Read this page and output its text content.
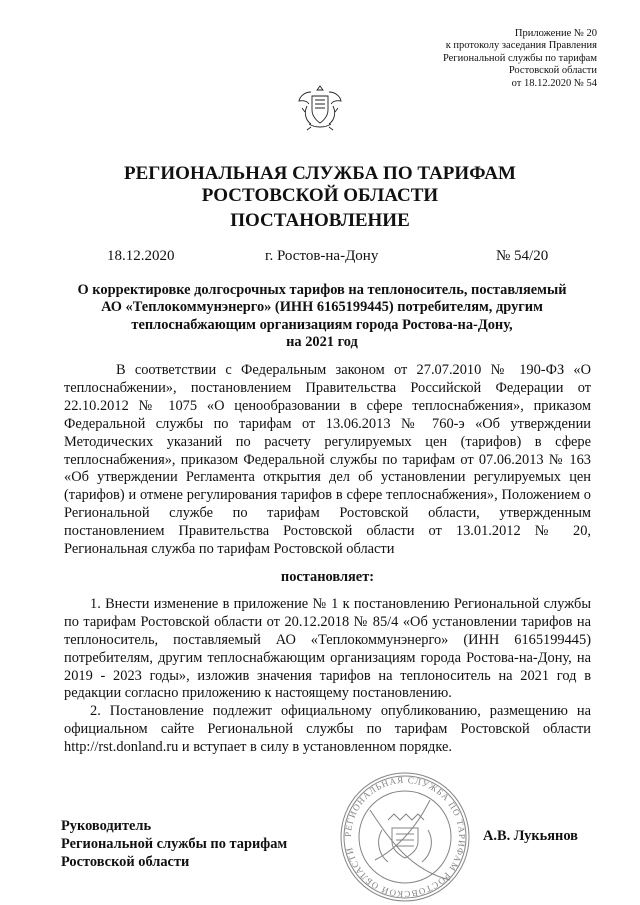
Приложение № 20
к протоколу заседания Правления
Региональной службы по тарифам
Ростовской области
от 18.12.2020 № 54
РЕГИОНАЛЬНАЯ СЛУЖБА ПО ТАРИФАМ
РОСТОВСКОЙ ОБЛАСТИ
ПОСТАНОВЛЕНИЕ
18.12.2020	г. Ростов-на-Дону	№ 54/20
О корректировке долгосрочных тарифов на теплоноситель, поставляемый
АО «Теплокоммунэнерго» (ИНН 6165199445) потребителям, другим
теплоснабжающим организациям города Ростова-на-Дону,
на 2021 год

В соответствии с Федеральным законом от 27.07.2010 № 190-ФЗ «О теплоснабжении», постановлением Правительства Российской Федерации от 22.10.2012 № 1075 «О ценообразовании в сфере теплоснабжения», приказом Федеральной службы по тарифам от 13.06.2013 № 760-э «Об утверждении Методических указаний по расчету регулируемых цен (тарифов) в сфере теплоснабжения», приказом Федеральной службы по тарифам от 07.06.2013 № 163 «Об утверждении Регламента открытия дел об установлении регулируемых цен (тарифов) и отмене регулирования тарифов в сфере теплоснабжения», Положением о Региональной службе по тарифам Ростовской области, утвержденным постановлением Правительства Ростовской области от 13.01.2012 № 20, Региональная служба по тарифам Ростовской области

постановляет:

1. Внести изменение в приложение № 1 к постановлению Региональной службы по тарифам Ростовской области от 20.12.2018 № 85/4 «Об установлении тарифов на теплоноситель, поставляемый АО «Теплокоммунэнерго» (ИНН 6165199445) потребителям, другим теплоснабжающим организациям города Ростова-на-Дону, на 2019 - 2023 годы», изложив значения тарифов на теплоноситель на 2021 год в редакции согласно приложению к настоящему постановлению.

2. Постановление подлежит официальному опубликованию, размещению на официальном сайте Региональной службы по тарифам Ростовской области http://rst.donland.ru и вступает в силу в установленном порядке.

РЕГИОНАЛЬНАЯ СЛУЖБА ПО ТАРИФАМ РОСТОВСКОЙ ОБЛАСТИ
Руководитель
Региональной службы по тарифам
Ростовской области
А.В. Лукьянов
